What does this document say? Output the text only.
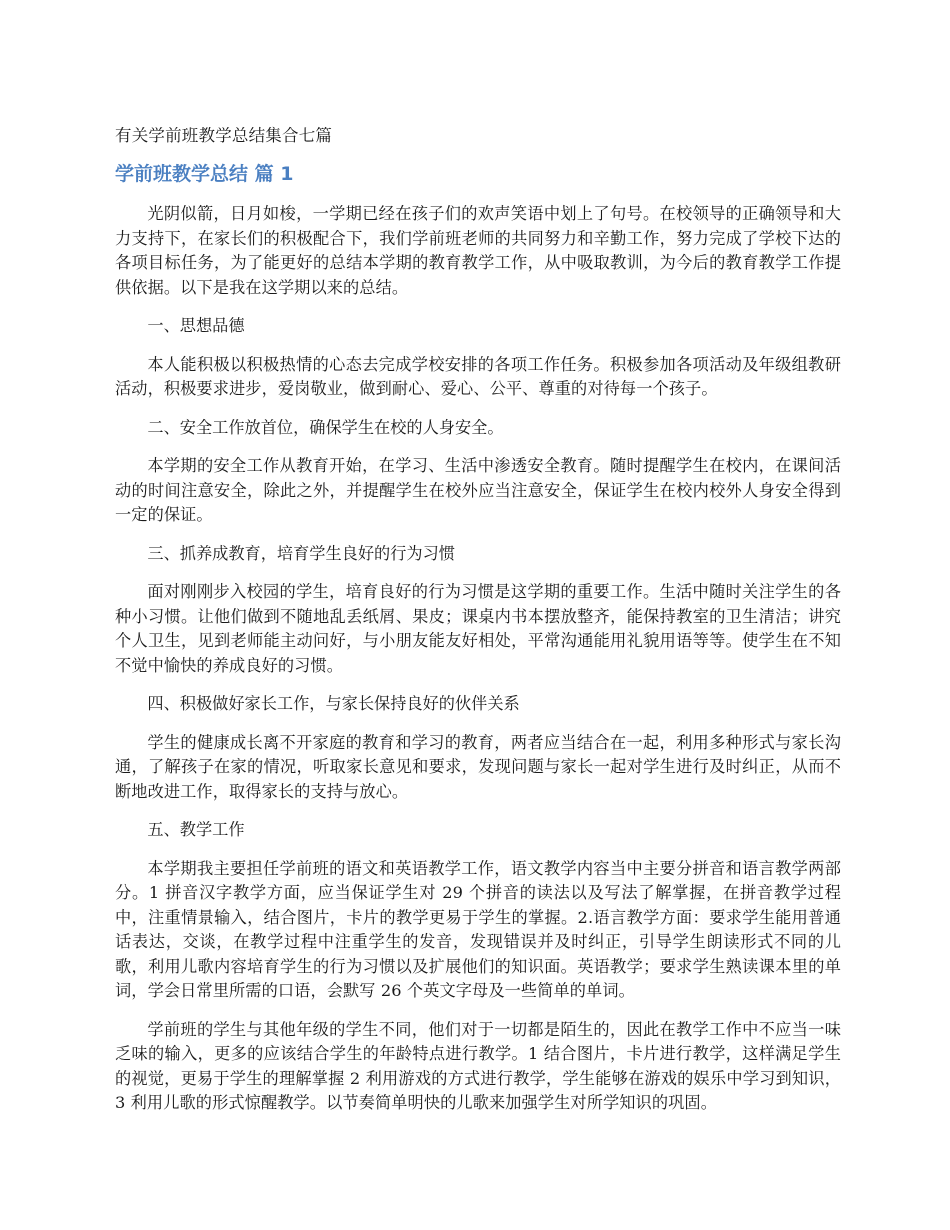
有关学前班教学总结集合七篇
学前班教学总结 篇 1

光阴似箭，日月如梭，一学期已经在孩子们的欢声笑语中划上了句号。在校领导的正确领导和大力支持下，在家长们的积极配合下，我们学前班老师的共同努力和辛勤工作，努力完成了学校下达的各项目标任务，为了能更好的总结本学期的教育教学工作，从中吸取教训，为今后的教育教学工作提供依据。以下是我在这学期以来的总结。

一、思想品德

本人能积极以积极热情的心态去完成学校安排的各项工作任务。积极参加各项活动及年级组教研活动，积极要求进步，爱岗敬业，做到耐心、爱心、公平、尊重的对待每一个孩子。

二、安全工作放首位，确保学生在校的人身安全。

本学期的安全工作从教育开始，在学习、生活中渗透安全教育。随时提醒学生在校内，在课间活动的时间注意安全，除此之外，并提醒学生在校外应当注意安全，保证学生在校内校外人身安全得到一定的保证。

三、抓养成教育，培育学生良好的行为习惯

面对刚刚步入校园的学生，培育良好的行为习惯是这学期的重要工作。生活中随时关注学生的各种小习惯。让他们做到不随地乱丢纸屑、果皮；课桌内书本摆放整齐，能保持教室的卫生清洁；讲究个人卫生，见到老师能主动问好，与小朋友能友好相处，平常沟通能用礼貌用语等等。使学生在不知不觉中愉快的养成良好的习惯。

四、积极做好家长工作，与家长保持良好的伙伴关系

学生的健康成长离不开家庭的教育和学习的教育，两者应当结合在一起，利用多种形式与家长沟通，了解孩子在家的情况，听取家长意见和要求，发现问题与家长一起对学生进行及时纠正，从而不断地改进工作，取得家长的支持与放心。

五、教学工作

本学期我主要担任学前班的语文和英语教学工作，语文教学内容当中主要分拼音和语言教学两部分。1 拼音汉字教学方面，应当保证学生对 29 个拼音的读法以及写法了解掌握，在拼音教学过程中，注重情景输入，结合图片，卡片的教学更易于学生的掌握。2.语言教学方面：要求学生能用普通话表达，交谈，在教学过程中注重学生的发音，发现错误并及时纠正，引导学生朗读形式不同的儿歌，利用儿歌内容培育学生的行为习惯以及扩展他们的知识面。英语教学；要求学生熟读课本里的单词，学会日常里所需的口语，会默写 26 个英文字母及一些简单的单词。

学前班的学生与其他年级的学生不同，他们对于一切都是陌生的，因此在教学工作中不应当一味乏味的输入，更多的应该结合学生的年龄特点进行教学。1 结合图片，卡片进行教学，这样满足学生的视觉，更易于学生的理解掌握 2 利用游戏的方式进行教学，学生能够在游戏的娱乐中学习到知识，3 利用儿歌的形式惊醒教学。以节奏简单明快的儿歌来加强学生对所学知识的巩固。
